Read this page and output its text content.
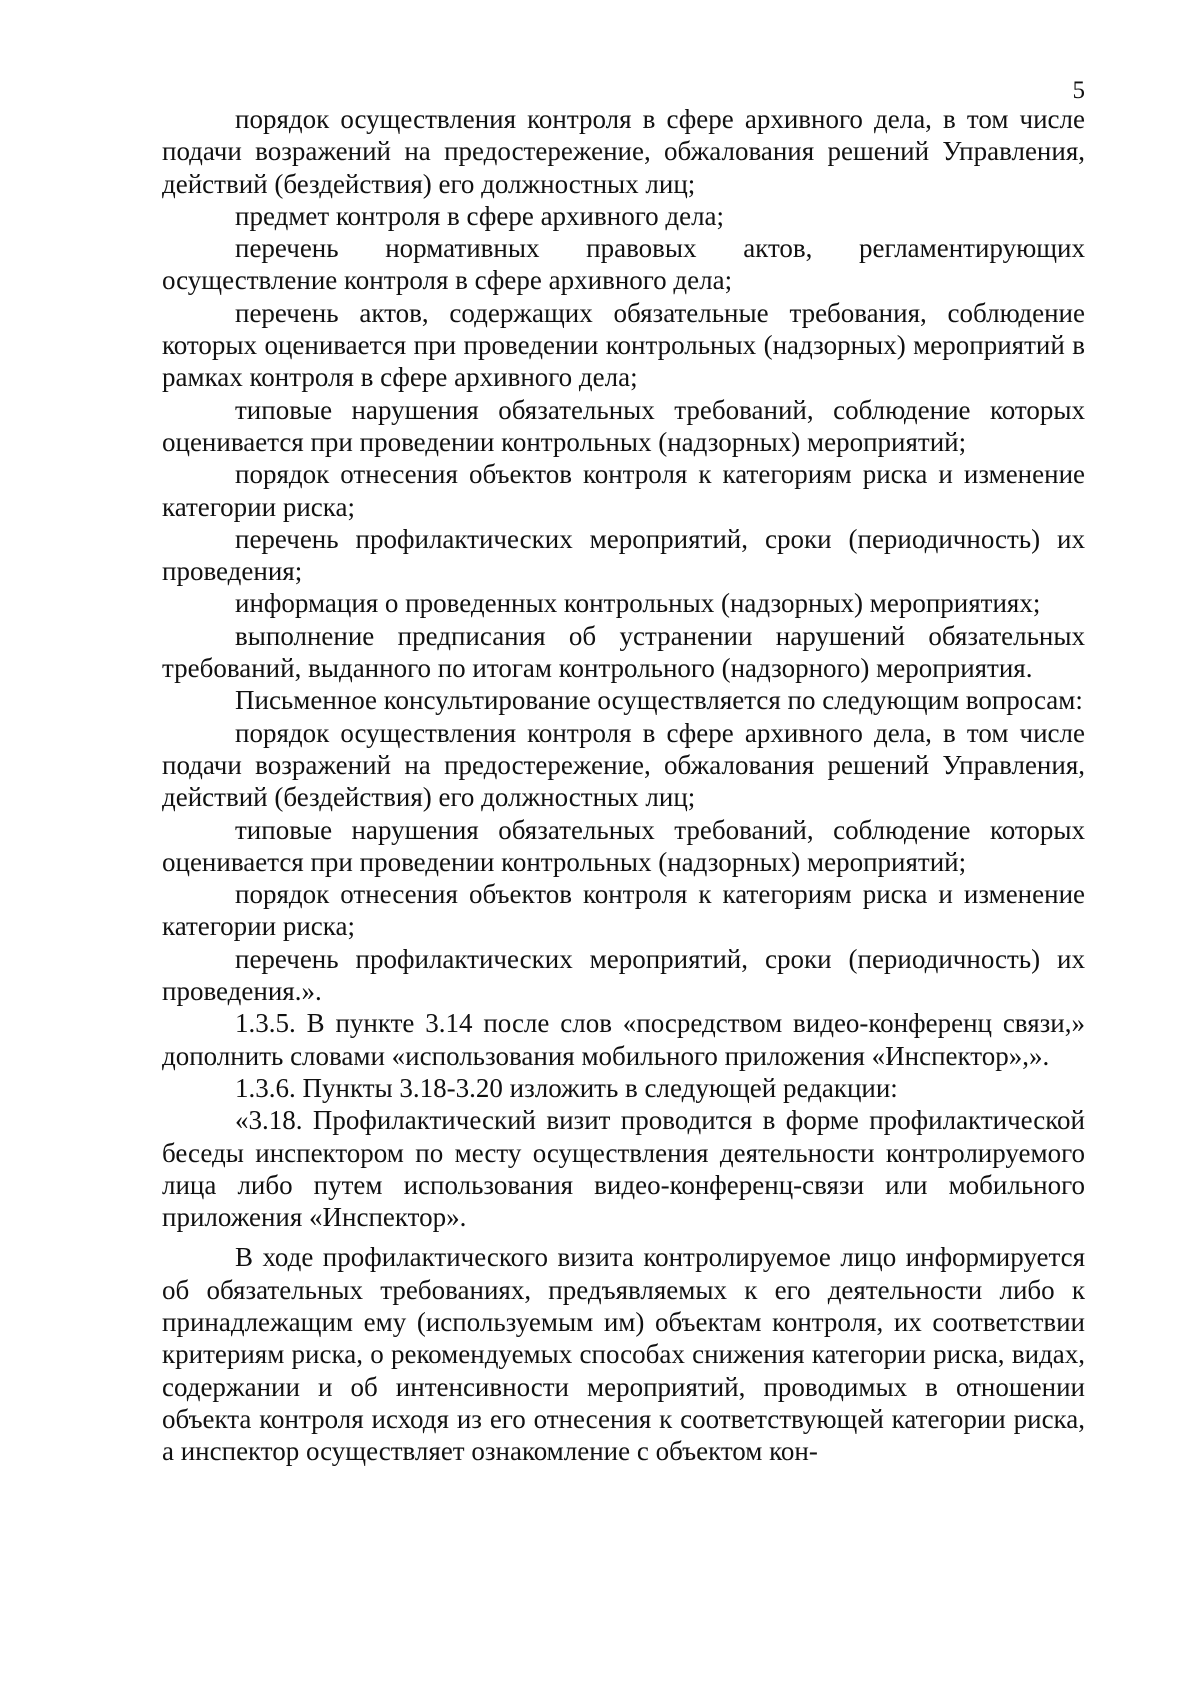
5

порядок осуществления контроля в сфере архивного дела, в том числе подачи возражений на предостережение, обжалования решений Управления, действий (бездействия) его должностных лиц;

предмет контроля в сфере архивного дела;

перечень нормативных правовых актов, регламентирующих осуществление контроля в сфере архивного дела;

перечень актов, содержащих обязательные требования, соблюдение которых оценивается при проведении контрольных (надзорных) мероприятий в рамках контроля в сфере архивного дела;

типовые нарушения обязательных требований, соблюдение которых оценивается при проведении контрольных (надзорных) мероприятий;

порядок отнесения объектов контроля к категориям риска и изменение категории риска;

перечень профилактических мероприятий, сроки (периодичность) их проведения;

информация о проведенных контрольных (надзорных) мероприятиях;

выполнение предписания об устранении нарушений обязательных требований, выданного по итогам контрольного (надзорного) мероприятия.

Письменное консультирование осуществляется по следующим вопросам:

порядок осуществления контроля в сфере архивного дела, в том числе подачи возражений на предостережение, обжалования решений Управления, действий (бездействия) его должностных лиц;

типовые нарушения обязательных требований, соблюдение которых оценивается при проведении контрольных (надзорных) мероприятий;

порядок отнесения объектов контроля к категориям риска и изменение категории риска;

перечень профилактических мероприятий, сроки (периодичность) их проведения.».

1.3.5. В пункте 3.14 после слов «посредством видео-конференц связи,» дополнить словами «использования мобильного приложения «Инспектор»,».

1.3.6. Пункты 3.18-3.20 изложить в следующей редакции:

«3.18. Профилактический визит проводится в форме профилактической беседы инспектором по месту осуществления деятельности контролируемого лица либо путем использования видео-конференц-связи или мобильного приложения «Инспектор».

В ходе профилактического визита контролируемое лицо информируется об обязательных требованиях, предъявляемых к его деятельности либо к принадлежащим ему (используемым им) объектам контроля, их соответствии критериям риска, о рекомендуемых способах снижения категории риска, видах, содержании и об интенсивности мероприятий, проводимых в отношении объекта контроля исходя из его отнесения к соответствующей категории риска, а инспектор осуществляет ознакомление с объектом кон-
